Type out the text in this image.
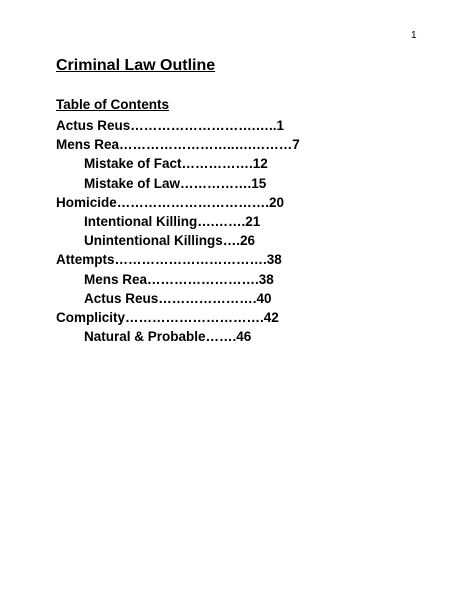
1
Criminal Law Outline
Table of Contents
Actus Reus……………………….…..1
Mens Rea……………………..….………7
Mistake of Fact…………….12
Mistake of Law…………….15
Homicide…………………………….20
Intentional Killing….…….21
Unintentional Killings….26
Attempts…………………………….38
Mens Rea…………………….38
Actus Reus………………….40
Complicity………………………….42
Natural & Probable…….46
